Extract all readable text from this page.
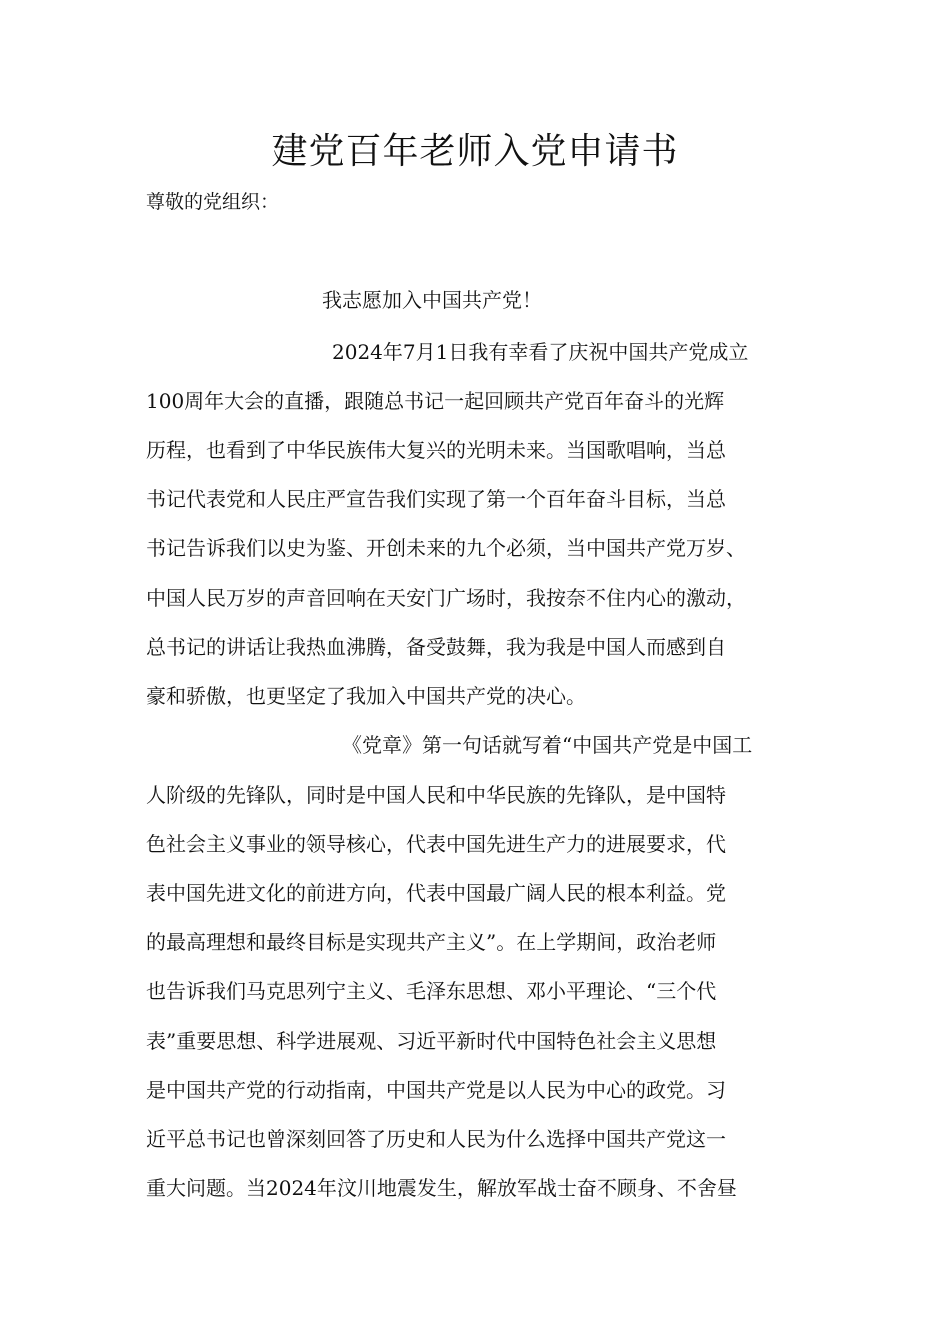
建党百年老师入党申请书
尊敬的党组织：
我志愿加入中国共产党！
2024年7月1日我有幸看了庆祝中国共产党成立
100周年大会的直播，跟随总书记一起回顾共产党百年奋斗的光辉
历程，也看到了中华民族伟大复兴的光明未来。当国歌唱响，当总
书记代表党和人民庄严宣告我们实现了第一个百年奋斗目标，当总
书记告诉我们以史为鉴、开创未来的九个必须，当中国共产党万岁、
中国人民万岁的声音回响在天安门广场时，我按奈不住内心的激动，
总书记的讲话让我热血沸腾，备受鼓舞，我为我是中国人而感到自
豪和骄傲，也更坚定了我加入中国共产党的决心。
《党章》第一句话就写着“中国共产党是中国工
人阶级的先锋队，同时是中国人民和中华民族的先锋队，是中国特
色社会主义事业的领导核心，代表中国先进生产力的进展要求，代
表中国先进文化的前进方向，代表中国最广阔人民的根本利益。党
的最高理想和最终目标是实现共产主义”。在上学期间，政治老师
也告诉我们马克思列宁主义、毛泽东思想、邓小平理论、“三个代
表”重要思想、科学进展观、习近平新时代中国特色社会主义思想
是中国共产党的行动指南，中国共产党是以人民为中心的政党。习
近平总书记也曾深刻回答了历史和人民为什么选择中国共产党这一
重大问题。当2024年汶川地震发生，解放军战士奋不顾身、不舍昼
